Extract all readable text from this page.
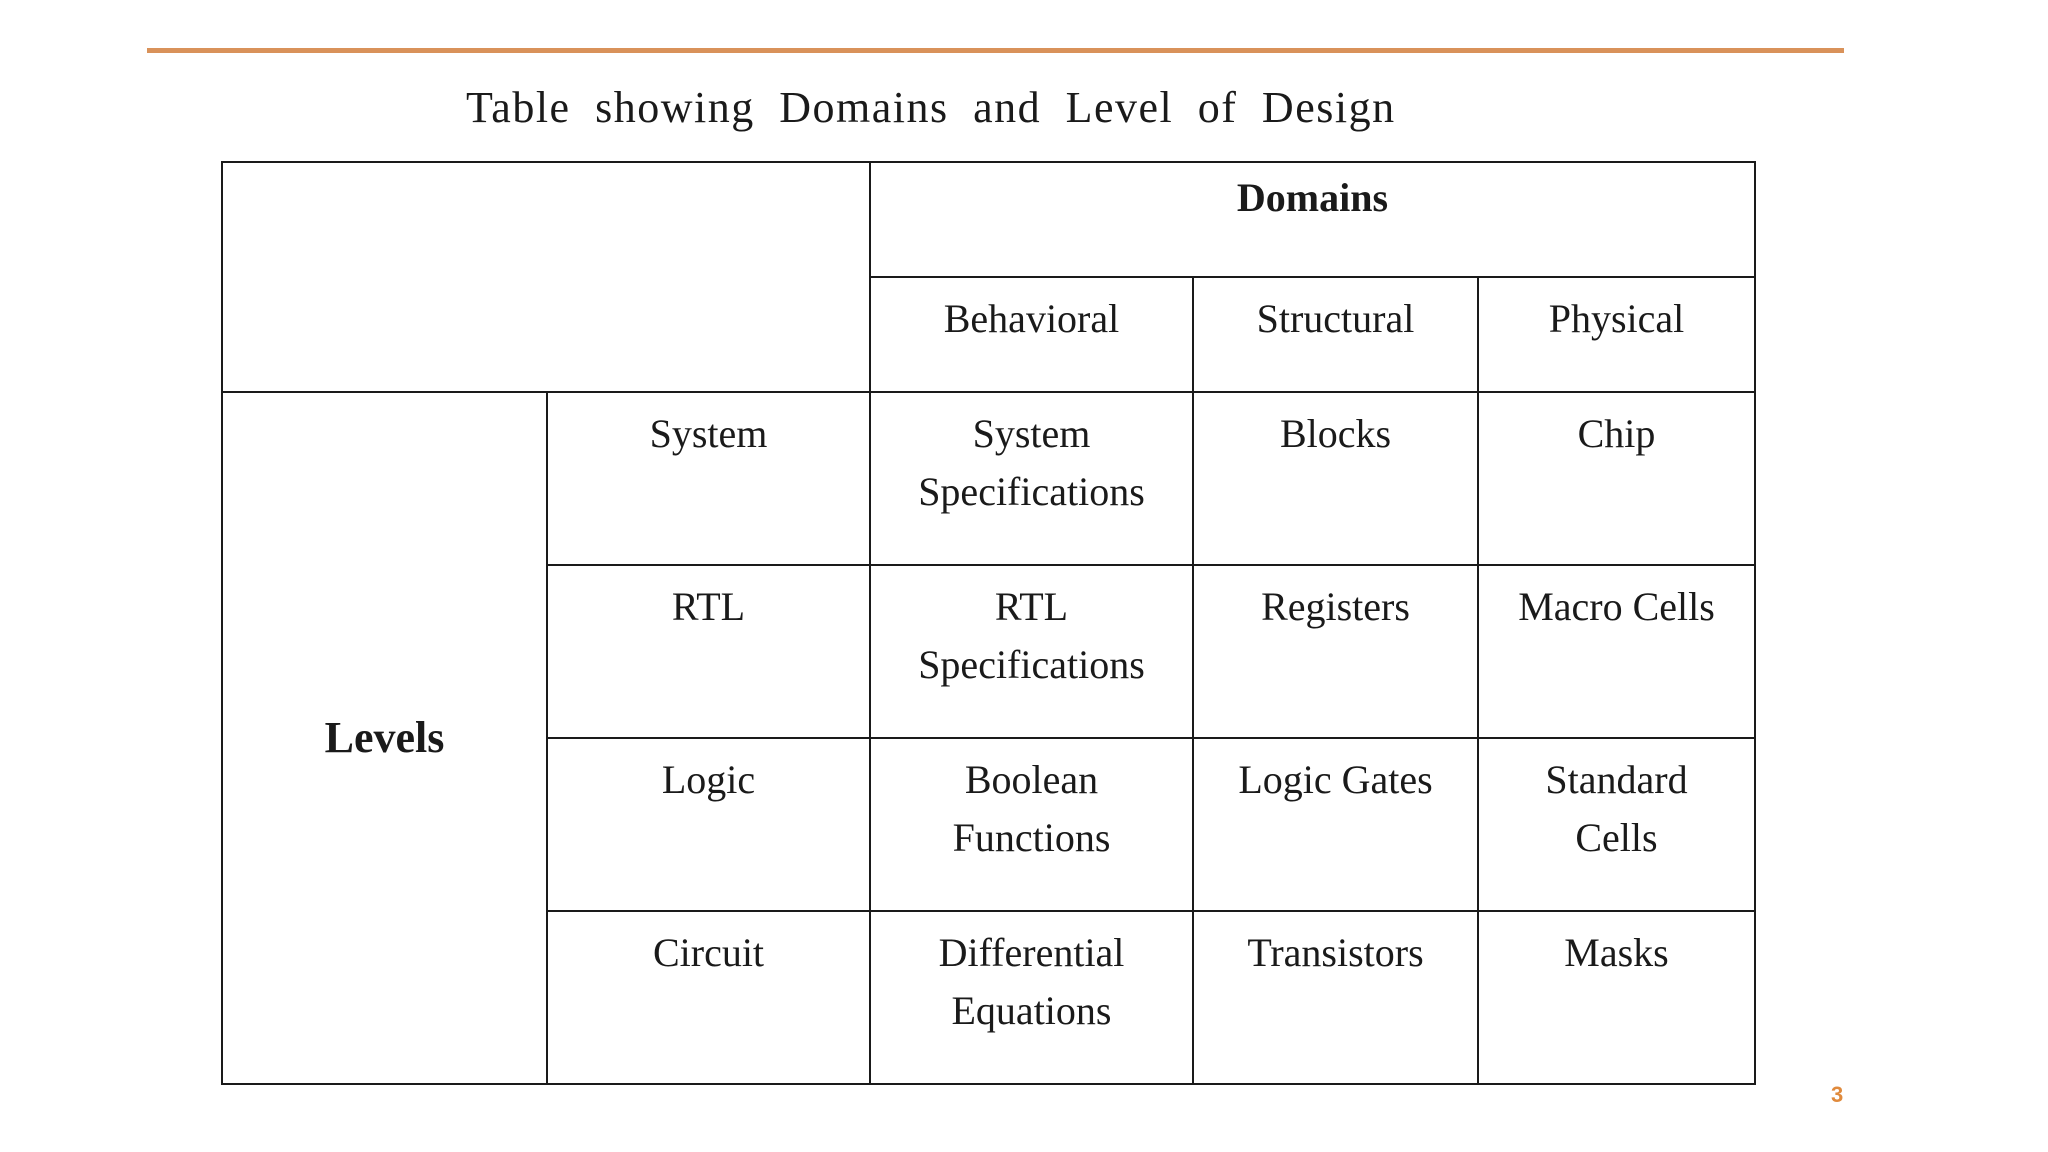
Table showing Domains and Level of Design
		Domains		
		Behavioral	Structural	Physical
Levels	System	System Specifications	Blocks	Chip
	RTL	RTL Specifications	Registers	Macro Cells
	Logic	Boolean Functions	Logic Gates	Standard Cells
	Circuit	Differential Equations	Transistors	Masks
3
